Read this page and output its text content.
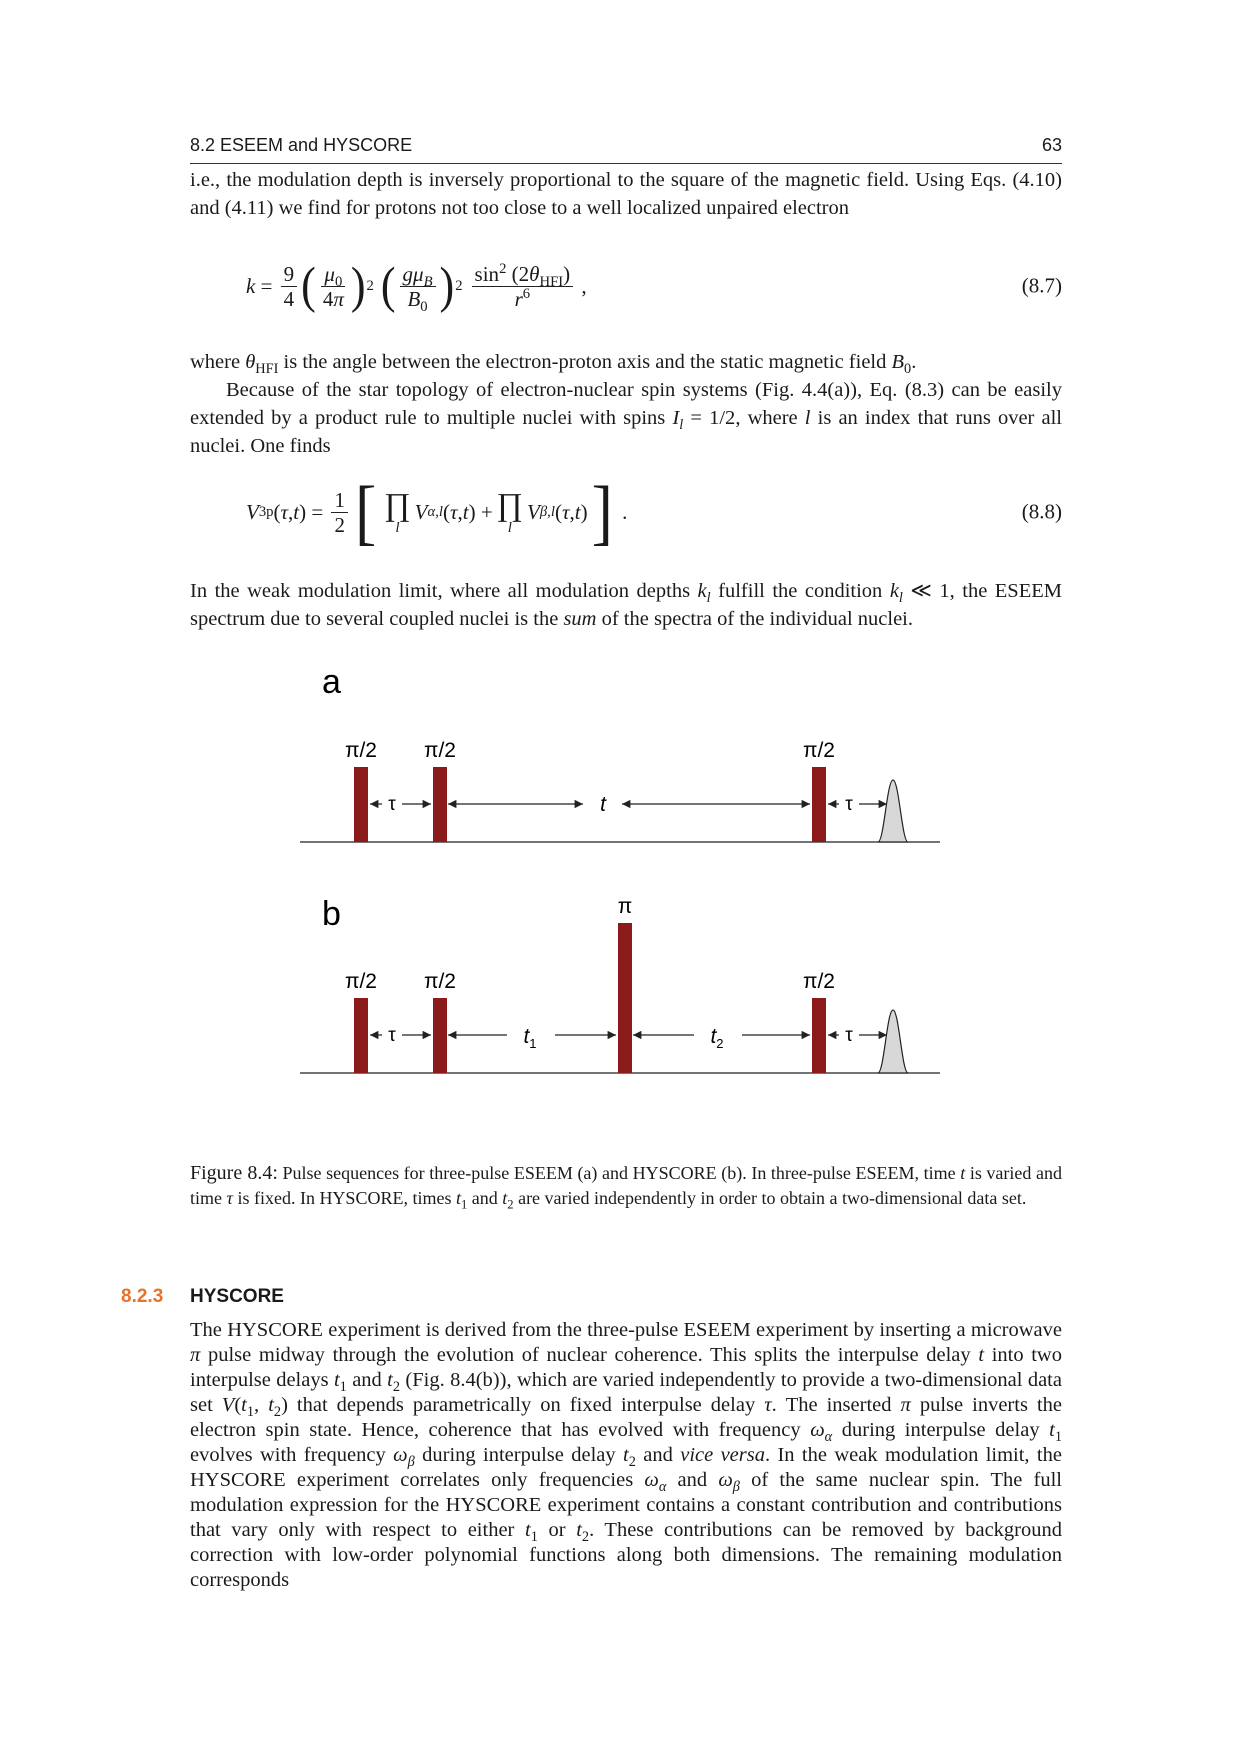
8.2 ESEEM and HYSCORE	63
i.e., the modulation depth is inversely proportional to the square of the magnetic field. Using Eqs. (4.10) and (4.11) we find for protons not too close to a well localized unpaired electron
$k = \frac{9}{4}$ ( $\frac{\mu_0}{4\pi}$ ) 2 ( $\frac{g\mu_B}{B_0}$ ) $2 \frac{\sin^2 (2\theta_{HFI})}{r^6}$ ,	(8.7)
where $\theta_{HFI}$ is the angle between the electron-proton axis and the static magnetic field $B_0$.
Because of the star topology of electron-nuclear spin systems (Fig. 4.4(a)), Eq. (8.3) can be easily extended by a product rule to multiple nuclei with spins $I_l = 1/2$, where l is an index that runs over all nuclei. One finds
V 3p ( τ , t ) = $\frac{1}{2}$ [ ∏
l
V α,l ( τ , t ) + ∏
l
V β,l ( τ , t ) ] .	(8.8)
In the weak modulation limit, where all modulation depths $k_l$ fulfill the condition $k_l$ ≪ 1, the ESEEM spectrum due to several coupled nuclei is the sum of the spectra of the individual nuclei.
a
π/2 π/2	π/2
τ	t	τ
b
π/2 π/2
π
π/2
τ	$t_1$	$t_2$	τ
Figure 8.4: Pulse sequences for three-pulse ESEEM (a) and HYSCORE (b). In three-pulse ESEEM, time t is varied and time τ is fixed. In HYSCORE, times $t_1$ and $t_2$ are varied independently in order to obtain a two-dimensional data set.
8.2.3 HYSCORE
The HYSCORE experiment is derived from the three-pulse ESEEM experiment by inserting a microwave π pulse midway through the evolution of nuclear coherence. This splits the interpulse delay t into two interpulse delays $t_1$ and $t_2$ (Fig. 8.4(b)), which are varied independently to provide a two-dimensional data set $V(t_1$, $t_2$) that depends parametrically on fixed interpulse delay τ. The inserted π pulse inverts the electron spin state. Hence, coherence that has evolved with frequency $\omega_\alpha$ during interpulse delay $t_1$ evolves with frequency $\omega_\beta$ during interpulse delay $t_2$ and vice versa. In the weak modulation limit, the HYSCORE experiment correlates only frequencies $\omega_\alpha$ and $\omega_\beta$ of the same nuclear spin. The full modulation expression for the HYSCORE experiment contains a constant contribution and contributions that vary only with respect to either $t_1$ or $t_2$. These contributions can be removed by background correction with low-order polynomial functions along both dimensions. The remaining modulation corresponds
